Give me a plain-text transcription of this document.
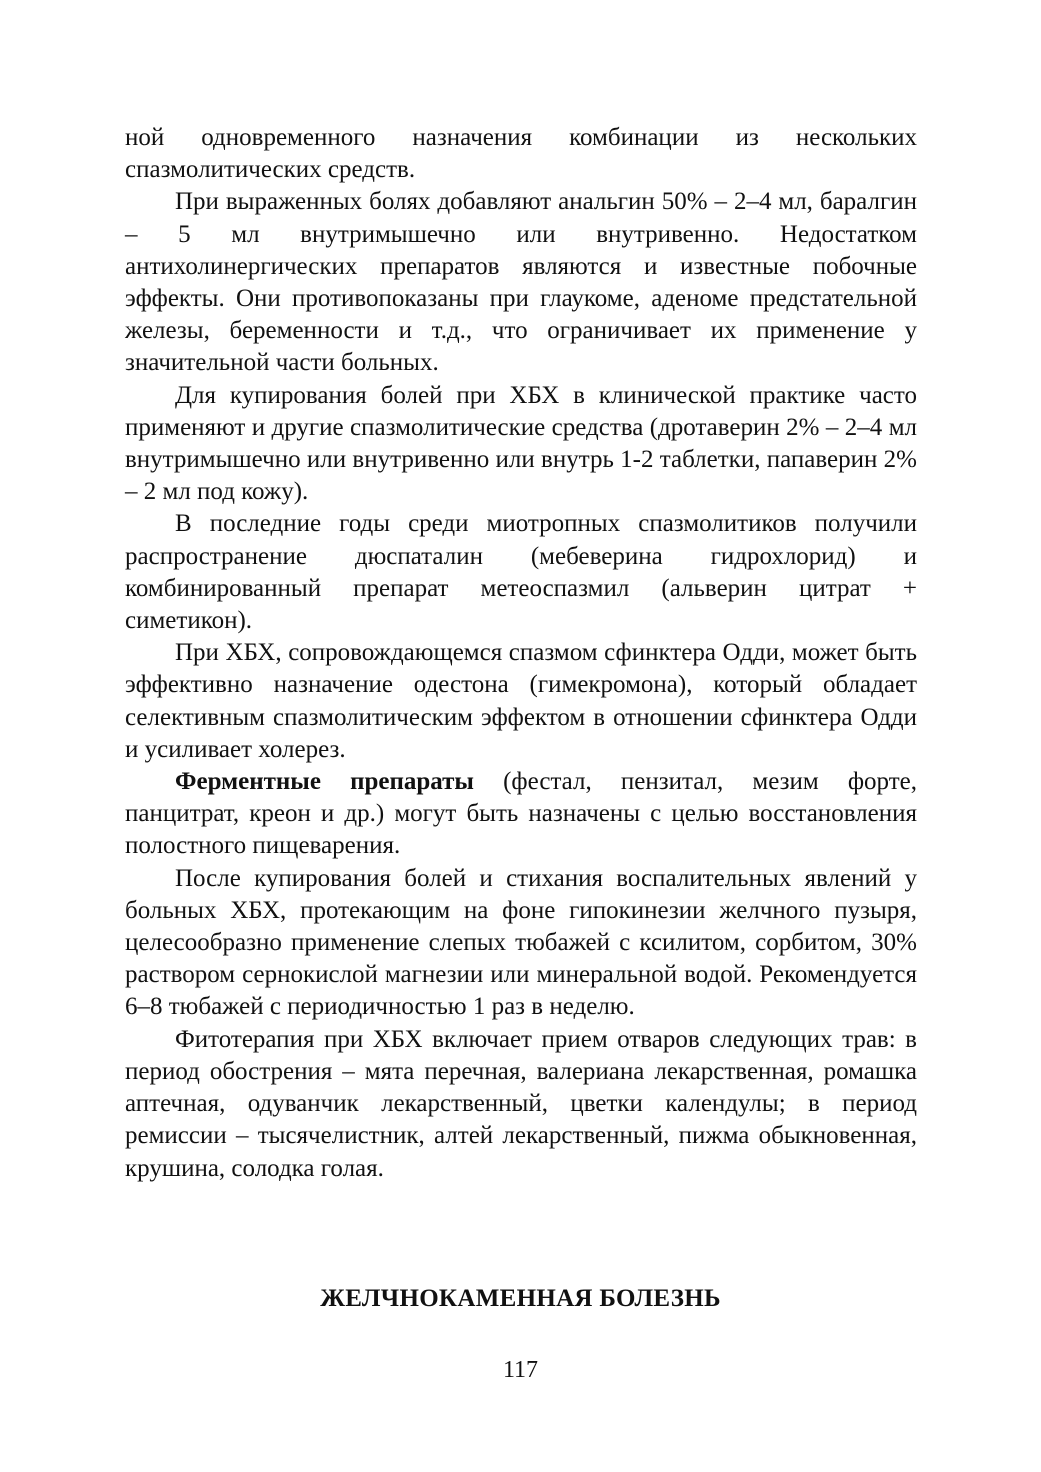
ной одновременного назначения комбинации из нескольких спазмолитических средств.

При выраженных болях добавляют анальгин 50% – 2–4 мл, баралгин – 5 мл внутримышечно или внутривенно. Недостатком антихолинергических препаратов являются и известные побочные эффекты. Они противопоказаны при глаукоме, аденоме предстательной железы, беременности и т.д., что ограничивает их применение у значительной части больных.

Для купирования болей при ХБХ в клинической практике часто применяют и другие спазмолитические средства (дротаверин 2% – 2–4 мл внутримышечно или внутривенно или внутрь 1-2 таблетки, папаверин 2% – 2 мл под кожу).

В последние годы среди миотропных спазмолитиков получили распространение дюспаталин (мебеверина гидрохлорид) и комбинированный препарат метеоспазмил (альверин цитрат + симетикон).

При ХБХ, сопровождающемся спазмом сфинктера Одди, может быть эффективно назначение одестона (гимекромона), который обладает селективным спазмолитическим эффектом в отношении сфинктера Одди и усиливает холерез.

Ферментные препараты (фестал, пензитал, мезим форте, панцитрат, креон и др.) могут быть назначены с целью восстановления полостного пищеварения.

После купирования болей и стихания воспалительных явлений у больных ХБХ, протекающим на фоне гипокинезии желчного пузыря, целесообразно применение слепых тюбажей с ксилитом, сорбитом, 30% раствором сернокислой магнезии или минеральной водой. Рекомендуется 6–8 тюбажей с периодичностью 1 раз в неделю.

Фитотерапия при ХБХ включает прием отваров следующих трав: в период обострения – мята перечная, валериана лекарственная, ромашка аптечная, одуванчик лекарственный, цветки календулы; в период ремиссии – тысячелистник, алтей лекарственный, пижма обыкновенная, крушина, солодка голая.

ЖЕЛЧНОКАМЕННАЯ БОЛЕЗНЬ
117
